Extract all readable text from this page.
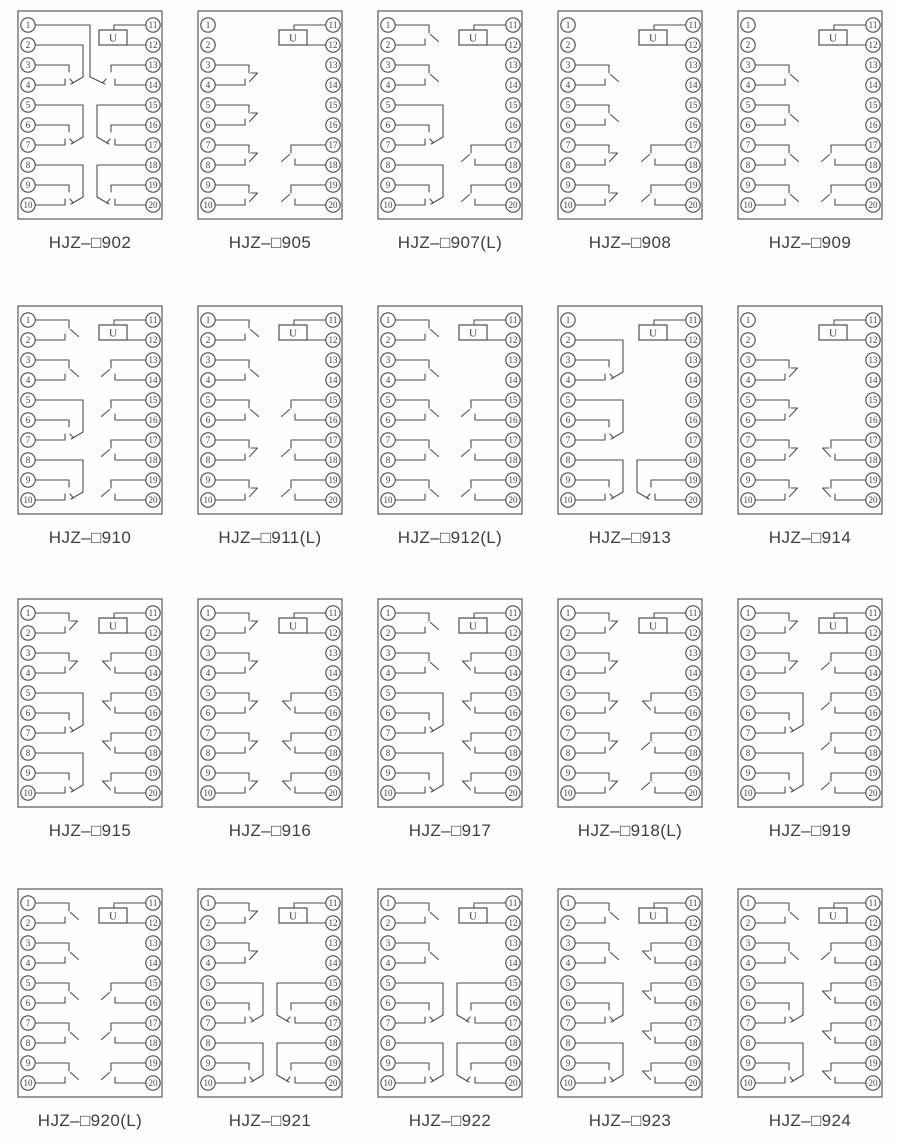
U
1
2
3
4
5
6
7
8
9
10
11
12
13
14
15
16
17
18
19
20
HJZ–□902
U
1
2
3
4
5
6
7
8
9
10
11
12
13
14
15
16
17
18
19
20
HJZ–□905
U
1
2
3
4
5
6
7
8
9
10
11
12
13
14
15
16
17
18
19
20
HJZ–□907(L)
U
1
2
3
4
5
6
7
8
9
10
11
12
13
14
15
16
17
18
19
20
HJZ–□908
U
1
2
3
4
5
6
7
8
9
10
11
12
13
14
15
16
17
18
19
20
HJZ–□909
U
1
2
3
4
5
6
7
8
9
10
11
12
13
14
15
16
17
18
19
20
HJZ–□910
U
1
2
3
4
5
6
7
8
9
10
11
12
13
14
15
16
17
18
19
20
HJZ–□911(L)
U
1
2
3
4
5
6
7
8
9
10
11
12
13
14
15
16
17
18
19
20
HJZ–□912(L)
U
1
2
3
4
5
6
7
8
9
10
11
12
13
14
15
16
17
18
19
20
HJZ–□913
U
1
2
3
4
5
6
7
8
9
10
11
12
13
14
15
16
17
18
19
20
HJZ–□914
U
1
2
3
4
5
6
7
8
9
10
11
12
13
14
15
16
17
18
19
20
HJZ–□915
U
1
2
3
4
5
6
7
8
9
10
11
12
13
14
15
16
17
18
19
20
HJZ–□916
U
1
2
3
4
5
6
7
8
9
10
11
12
13
14
15
16
17
18
19
20
HJZ–□917
U
1
2
3
4
5
6
7
8
9
10
11
12
13
14
15
16
17
18
19
20
HJZ–□918(L)
U
1
2
3
4
5
6
7
8
9
10
11
12
13
14
15
16
17
18
19
20
HJZ–□919
U
1
2
3
4
5
6
7
8
9
10
11
12
13
14
15
16
17
18
19
20
HJZ–□920(L)
U
1
2
3
4
5
6
7
8
9
10
11
12
13
14
15
16
17
18
19
20
HJZ–□921
U
1
2
3
4
5
6
7
8
9
10
11
12
13
14
15
16
17
18
19
20
HJZ–□922
U
1
2
3
4
5
6
7
8
9
10
11
12
13
14
15
16
17
18
19
20
HJZ–□923
U
1
2
3
4
5
6
7
8
9
10
11
12
13
14
15
16
17
18
19
20
HJZ–□924
